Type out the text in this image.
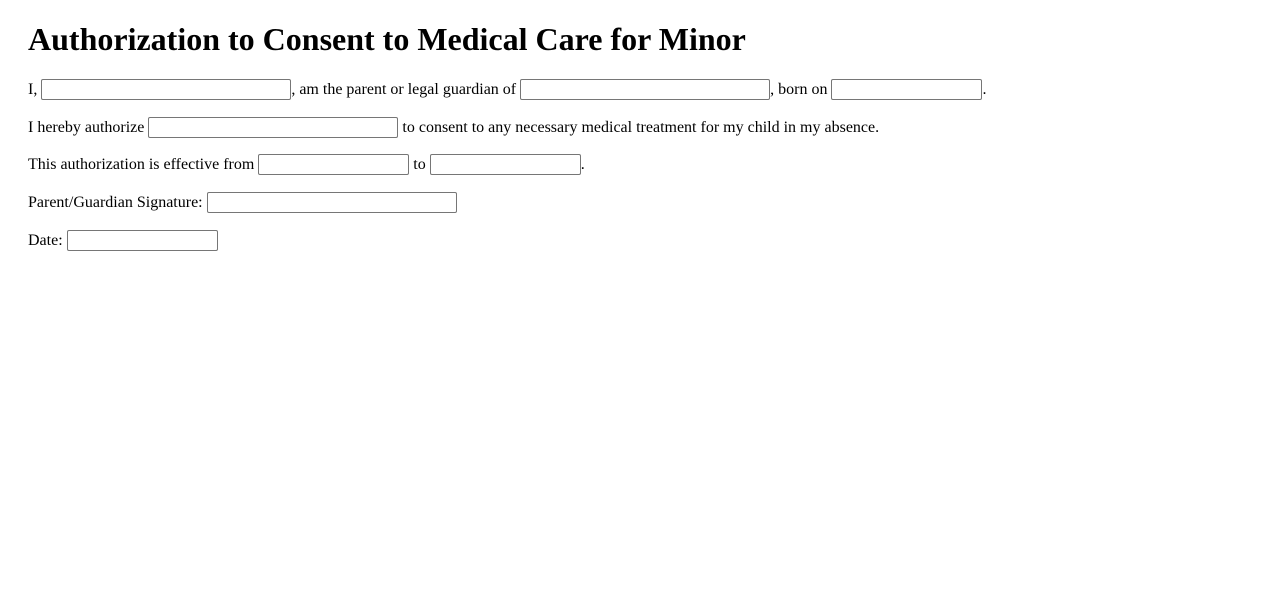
Authorization to Consent to Medical Care for Minor

I,	, am the parent or legal guardian of	, born on	.

I hereby authorize	to consent to any necessary medical treatment for my child in my absence.

This authorization is effective from	to	.

Parent/Guardian Signature:

Date:
